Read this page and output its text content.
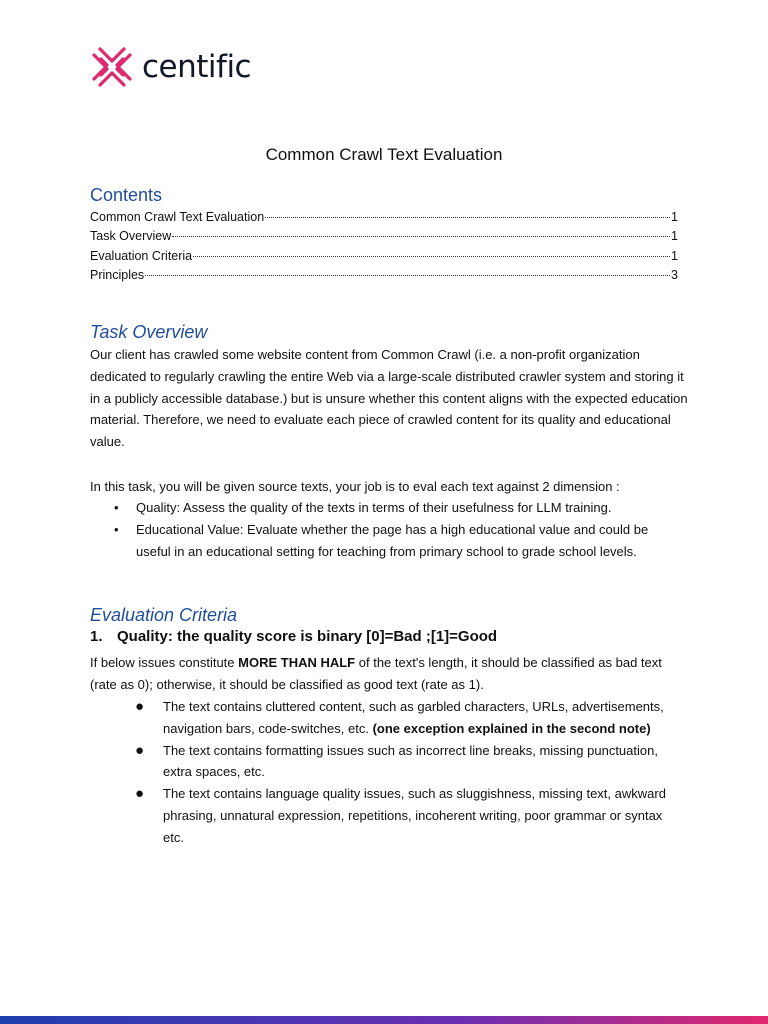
centific
Common Crawl Text Evaluation
Contents
Common Crawl Text Evaluation	1
Task Overview	1
Evaluation Criteria	1
Principles	3
Task Overview
Our client has crawled some website content from Common Crawl (i.e. a non-profit organization dedicated to regularly crawling the entire Web via a large-scale distributed crawler system and storing it in a publicly accessible database.) but is unsure whether this content aligns with the expected education material. Therefore, we need to evaluate each piece of crawled content for its quality and educational value.
In this task, you will be given source texts, your job is to eval each text against 2 dimension :
• Quality: Assess the quality of the texts in terms of their usefulness for LLM training.
• Educational Value: Evaluate whether the page has a high educational value and could be useful in an educational setting for teaching from primary school to grade school levels.
Evaluation Criteria
1. Quality: the quality score is binary [0]=Bad ;[1]=Good
If below issues constitute MORE THAN HALF of the text's length, it should be classified as bad text (rate as 0); otherwise, it should be classified as good text (rate as 1).
● The text contains cluttered content, such as garbled characters, URLs, advertisements, navigation bars, code-switches, etc. (one exception explained in the second note)
● The text contains formatting issues such as incorrect line breaks, missing punctuation, extra spaces, etc.
● The text contains language quality issues, such as sluggishness, missing text, awkward phrasing, unnatural expression, repetitions, incoherent writing, poor grammar or syntax etc.
